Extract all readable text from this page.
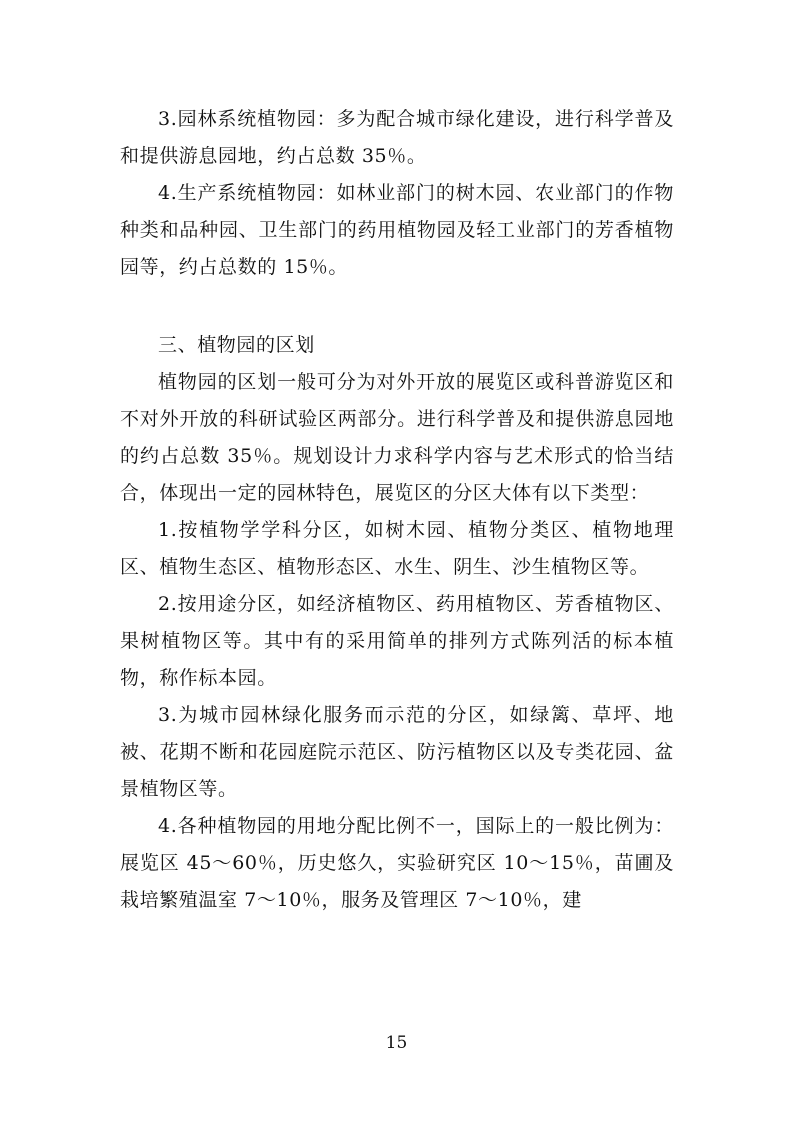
3.园林系统植物园：多为配合城市绿化建设，进行科学普及和提供游息园地，约占总数 35％。

4.生产系统植物园：如林业部门的树木园、农业部门的作物种类和品种园、卫生部门的药用植物园及轻工业部门的芳香植物园等，约占总数的 15％。

三、植物园的区划

植物园的区划一般可分为对外开放的展览区或科普游览区和不对外开放的科研试验区两部分。进行科学普及和提供游息园地的约占总数 35％。规划设计力求科学内容与艺术形式的恰当结合，体现出一定的园林特色，展览区的分区大体有以下类型：

1.按植物学学科分区，如树木园、植物分类区、植物地理区、植物生态区、植物形态区、水生、阴生、沙生植物区等。

2.按用途分区，如经济植物区、药用植物区、芳香植物区、果树植物区等。其中有的采用简单的排列方式陈列活的标本植物，称作标本园。

3.为城市园林绿化服务而示范的分区，如绿篱、草坪、地被、花期不断和花园庭院示范区、防污植物区以及专类花园、盆景植物区等。

4.各种植物园的用地分配比例不一，国际上的一般比例为：展览区 45～60％，历史悠久，实验研究区 10～15％，苗圃及栽培繁殖温室 7～10％，服务及管理区 7～10％，建

15
